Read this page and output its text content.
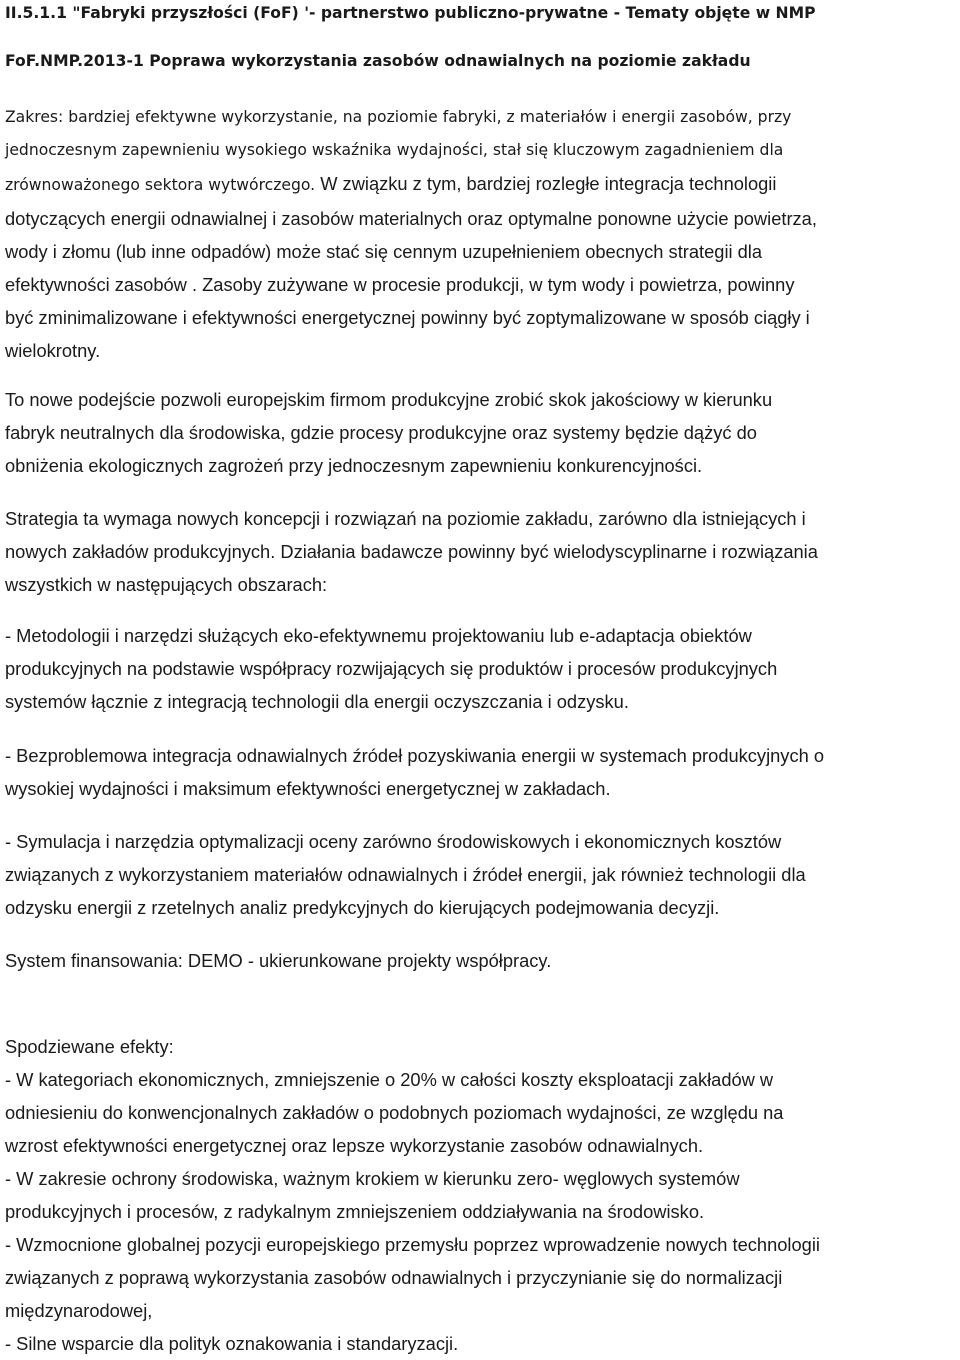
II.5.1.1 "Fabryki przyszłości (FoF) '- partnerstwo publiczno-prywatne - Tematy objęte w NMP
FoF.NMP.2013-1 Poprawa wykorzystania zasobów odnawialnych na poziomie zakładu
Zakres: bardziej efektywne wykorzystanie, na poziomie fabryki, z materiałów i energii zasobów, przy
jednoczesnym zapewnieniu wysokiego wskaźnika wydajności, stał się kluczowym zagadnieniem dla
zrównoważonego sektora wytwórczego. W związku z tym, bardziej rozległe integracja technologii
dotyczących energii odnawialnej i zasobów materialnych oraz optymalne ponowne użycie powietrza,
wody i złomu (lub inne odpadów) może stać się cennym uzupełnieniem obecnych strategii dla
efektywności zasobów . Zasoby zużywane w procesie produkcji, w tym wody i powietrza, powinny
być zminimalizowane i efektywności energetycznej powinny być zoptymalizowane w sposób ciągły i
wielokrotny.
To nowe podejście pozwoli europejskim firmom produkcyjne zrobić skok jakościowy w kierunku
fabryk neutralnych dla środowiska, gdzie procesy produkcyjne oraz systemy będzie dążyć do
obniżenia ekologicznych zagrożeń przy jednoczesnym zapewnieniu konkurencyjności.
Strategia ta wymaga nowych koncepcji i rozwiązań na poziomie zakładu, zarówno dla istniejących i
nowych zakładów produkcyjnych. Działania badawcze powinny być wielodyscyplinarne i rozwiązania
wszystkich w następujących obszarach:
- Metodologii i narzędzi służących eko-efektywnemu projektowaniu lub e-adaptacja obiektów
produkcyjnych na podstawie współpracy rozwijających się produktów i procesów produkcyjnych
systemów łącznie z integracją technologii dla energii oczyszczania i odzysku.
- Bezproblemowa integracja odnawialnych źródeł pozyskiwania energii w systemach produkcyjnych o
wysokiej wydajności i maksimum efektywności energetycznej w zakładach.
- Symulacja i narzędzia optymalizacji oceny zarówno środowiskowych i ekonomicznych kosztów
związanych z wykorzystaniem materiałów odnawialnych i źródeł energii, jak również technologii dla
odzysku energii z rzetelnych analiz predykcyjnych do kierujących podejmowania decyzji.
System finansowania: DEMO - ukierunkowane projekty współpracy.
Spodziewane efekty:
- W kategoriach ekonomicznych, zmniejszenie o 20% w całości koszty eksploatacji zakładów w
odniesieniu do konwencjonalnych zakładów o podobnych poziomach wydajności, ze względu na
wzrost efektywności energetycznej oraz lepsze wykorzystanie zasobów odnawialnych.
- W zakresie ochrony środowiska, ważnym krokiem w kierunku zero- węglowych systemów
produkcyjnych i procesów, z radykalnym zmniejszeniem oddziaływania na środowisko.
- Wzmocnione globalnej pozycji europejskiego przemysłu poprzez wprowadzenie nowych technologii
związanych z poprawą wykorzystania zasobów odnawialnych i przyczynianie się do normalizacji
międzynarodowej,
- Silne wsparcie dla polityk oznakowania i standaryzacji.
